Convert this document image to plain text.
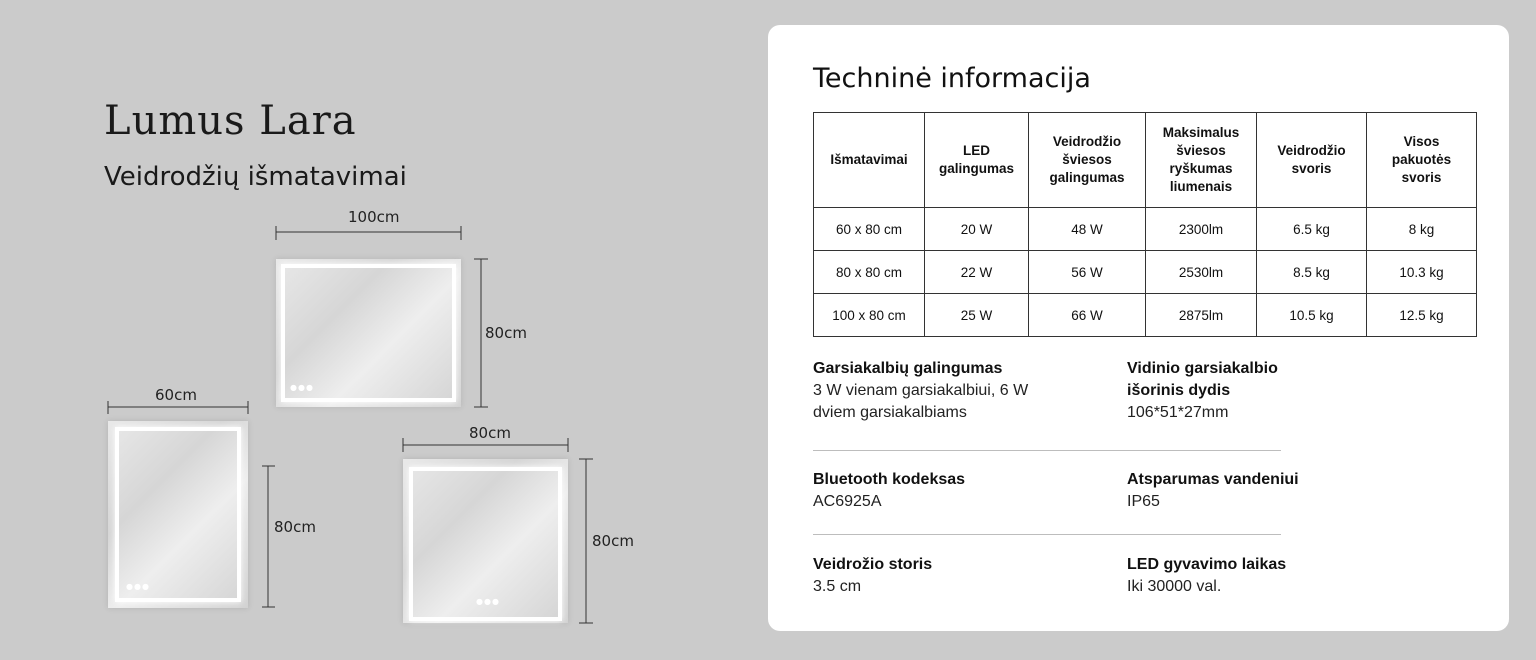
Lumus Lara
Veidrodžių išmatavimai
●●●
100cm
80cm
●●●
60cm
80cm
●●●
80cm
80cm
Techninė informacija
Išmatavimai	LED galingumas	Veidrodžio šviesos galingumas	Maksimalus šviesos ryškumas liumenais	Veidrodžio svoris	Visos pakuotės svoris
60 x 80 cm	20 W	48 W	2300lm	6.5 kg	8 kg
80 x 80 cm	22 W	56 W	2530lm	8.5 kg	10.3 kg
100 x 80 cm	25 W	66 W	2875lm	10.5 kg	12.5 kg
Garsiakalbių galingumas
3 W vienam garsiakalbiui, 6 W
dviem garsiakalbiams
Vidinio garsiakalbio
išorinis dydis
106*51*27mm
Bluetooth kodeksas
AC6925A
Atsparumas vandeniui
IP65
Veidrožio storis
3.5 cm
LED gyvavimo laikas
Iki 30000 val.
